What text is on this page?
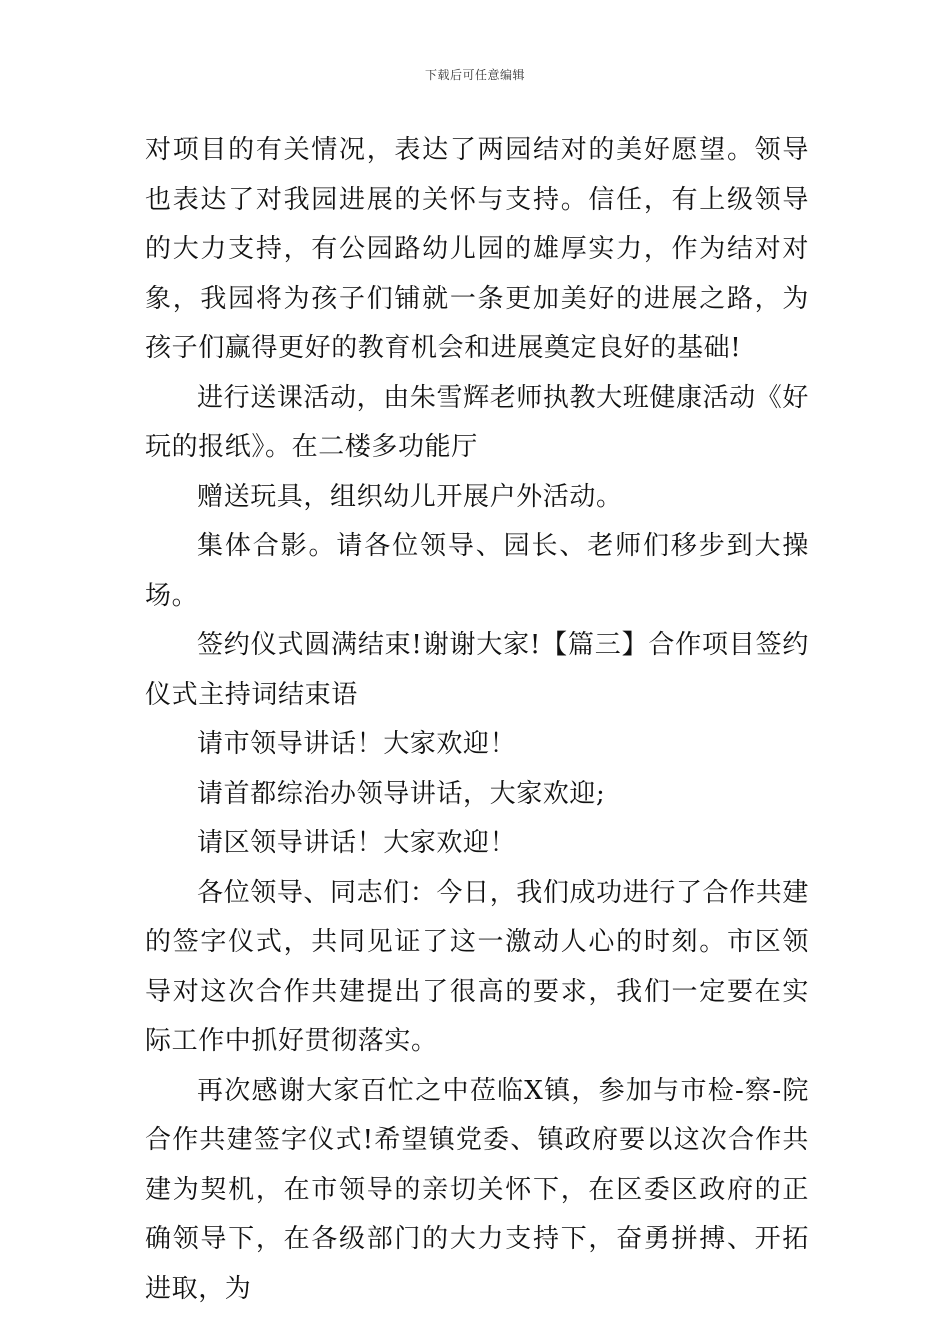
下载后可任意编辑

对项目的有关情况，表达了两园结对的美好愿望。领导也表达了对我园进展的关怀与支持。信任，有上级领导的大力支持，有公园路幼儿园的雄厚实力，作为结对对象，我园将为孩子们铺就一条更加美好的进展之路，为孩子们赢得更好的教育机会和进展奠定良好的基础!

进行送课活动，由朱雪辉老师执教大班健康活动《好玩的报纸》。在二楼多功能厅

赠送玩具，组织幼儿开展户外活动。

集体合影。请各位领导、园长、老师们移步到大操场。

签约仪式圆满结束!谢谢大家!【篇三】合作项目签约仪式主持词结束语

请市领导讲话！大家欢迎！

请首都综治办领导讲话，大家欢迎;

请区领导讲话！大家欢迎！

各位领导、同志们：今日，我们成功进行了合作共建的签字仪式，共同见证了这一激动人心的时刻。市区领导对这次合作共建提出了很高的要求，我们一定要在实际工作中抓好贯彻落实。

再次感谢大家百忙之中莅临X镇，参加与市检-察-院合作共建签字仪式!希望镇党委、镇政府要以这次合作共建为契机，在市领导的亲切关怀下，在区委区政府的正确领导下，在各级部门的大力支持下，奋勇拼搏、开拓进取，为
